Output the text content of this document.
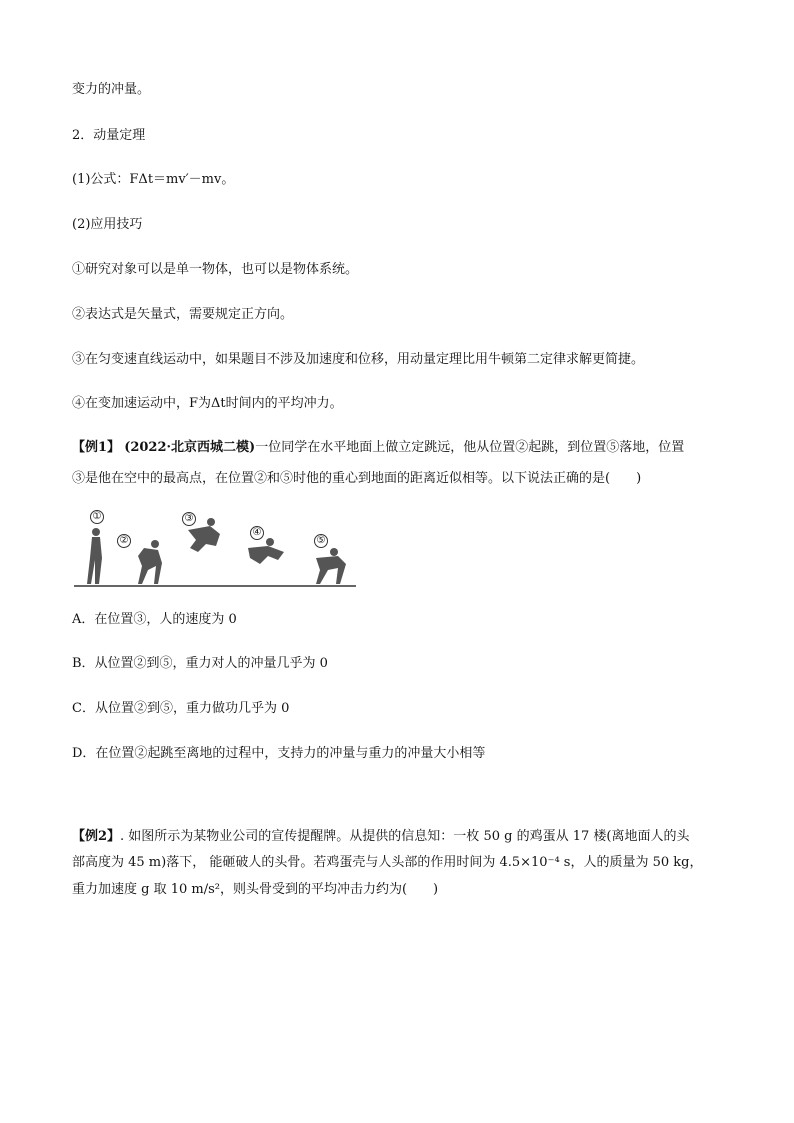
变力的冲量。
2．动量定理
(1)公式：FΔt＝mv′－mv。
(2)应用技巧
①研究对象可以是单一物体，也可以是物体系统。
②表达式是矢量式，需要规定正方向。
③在匀变速直线运动中，如果题目不涉及加速度和位移，用动量定理比用牛顿第二定律求解更简捷。
④在变加速运动中，F为Δt时间内的平均冲力。
【例1】 (2022·北京西城二模)一位同学在水平地面上做立定跳远，他从位置②起跳，到位置⑤落地，位置
③是他在空中的最高点，在位置②和⑤时他的重心到地面的距离近似相等。以下说法正确的是(　　)
①
②
③
④
⑤
A．在位置③，人的速度为 0
B．从位置②到⑤，重力对人的冲量几乎为 0
C．从位置②到⑤，重力做功几乎为 0
D．在位置②起跳至离地的过程中，支持力的冲量与重力的冲量大小相等
【例2】. 如图所示为某物业公司的宣传提醒牌。从提供的信息知：一枚 50 g 的鸡蛋从 17 楼(离地面人的头
部高度为 45 m)落下， 能砸破人的头骨。若鸡蛋壳与人头部的作用时间为 4.5×10⁻⁴ s，人的质量为 50 kg，
重力加速度 g 取 10 m/s²，则头骨受到的平均冲击力约为(　　)
